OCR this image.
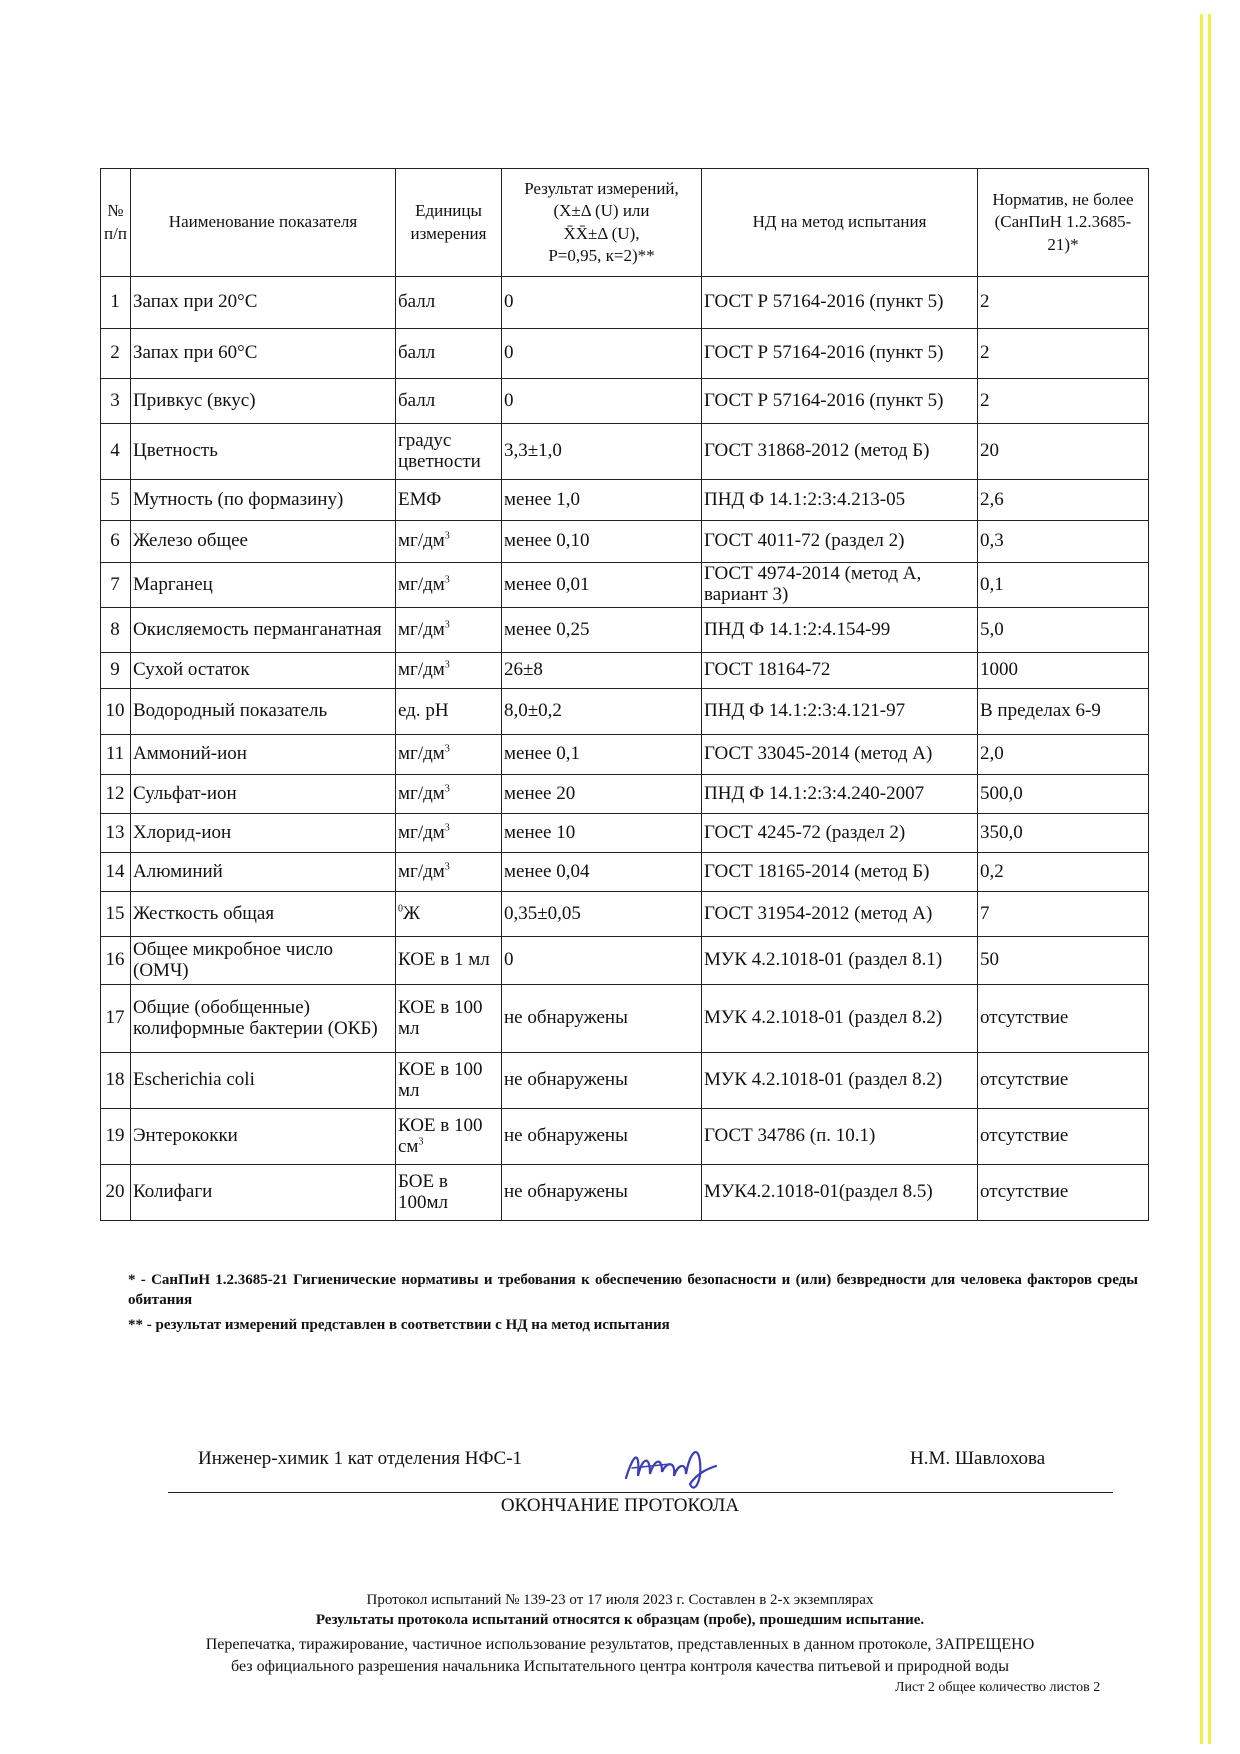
№ п/п	Наименование показателя	Единицы измерения	Результат измерений,
(Х±Δ (U) или
X̄X̄±Δ (U),
Р=0,95, к=2)**	НД на метод испытания	Норматив, не более (СанПиН 1.2.3685-21)*
1	Запах при 20°С	балл	0	ГОСТ Р 57164-2016 (пункт 5)	2
2	Запах при 60°С	балл	0	ГОСТ Р 57164-2016 (пункт 5)	2
3	Привкус (вкус)	балл	0	ГОСТ Р 57164-2016 (пункт 5)	2
4	Цветность	градус цветности	3,3±1,0	ГОСТ 31868-2012 (метод Б)	20
5	Мутность (по формазину)	ЕМФ	менее 1,0	ПНД Ф 14.1:2:3:4.213-05	2,6
6	Железо общее	$мг/дм^3$	менее 0,10	ГОСТ 4011-72 (раздел 2)	0,3
7	Марганец	$мг/дм^3$	менее 0,01	ГОСТ 4974-2014 (метод А, вариант 3)	0,1
8	Окисляемость перманганатная	$мг/дм^3$	менее 0,25	ПНД Ф 14.1:2:4.154-99	5,0
9	Сухой остаток	$мг/дм^3$	26±8	ГОСТ 18164-72	1000
10	Водородный показатель	ед. рН	8,0±0,2	ПНД Ф 14.1:2:3:4.121-97	В пределах 6-9
11	Аммоний-ион	$мг/дм^3$	менее 0,1	ГОСТ 33045-2014 (метод А)	2,0
12	Сульфат-ион	$мг/дм^3$	менее 20	ПНД Ф 14.1:2:3:4.240-2007	500,0
13	Хлорид-ион	$мг/дм^3$	менее 10	ГОСТ 4245-72 (раздел 2)	350,0
14	Алюминий	$мг/дм^3$	менее 0,04	ГОСТ 18165-2014 (метод Б)	0,2
15	Жесткость общая	$^0$Ж	0,35±0,05	ГОСТ 31954-2012 (метод А)	7
16	Общее микробное число (ОМЧ)	КОЕ в 1 мл	0	МУК 4.2.1018-01 (раздел 8.1)	50
17	Общие (обобщенные) колиформные бактерии (ОКБ)	КОЕ в 100 мл	не обнаружены	МУК 4.2.1018-01 (раздел 8.2)	отсутствие
18	Escherichia coli	КОЕ в 100 мл	не обнаружены	МУК 4.2.1018-01 (раздел 8.2)	отсутствие
19	Энтерококки	КОЕ в 100 $см^3$	не обнаружены	ГОСТ 34786 (п. 10.1)	отсутствие
20	Колифаги	БОЕ в 100мл	не обнаружены	МУК4.2.1018-01(раздел 8.5)	отсутствие
* - СанПиН 1.2.3685-21 Гигиенические нормативы и требования к обеспечению безопасности и (или) безвредности для человека факторов среды обитания
** - результат измерений представлен в соответствии с НД на метод испытания
Инженер-химик 1 кат отделения НФС-1	Н.М. Шавлохова
ОКОНЧАНИЕ ПРОТОКОЛА
Протокол испытаний № 139-23 от 17 июля 2023 г. Составлен в 2-х экземплярах
Результаты протокола испытаний относятся к образцам (пробе), прошедшим испытание.
Перепечатка, тиражирование, частичное использование результатов, представленных в данном протоколе, ЗАПРЕЩЕНО
без официального разрешения начальника Испытательного центра контроля качества питьевой и природной воды
Лист 2 общее количество листов 2
